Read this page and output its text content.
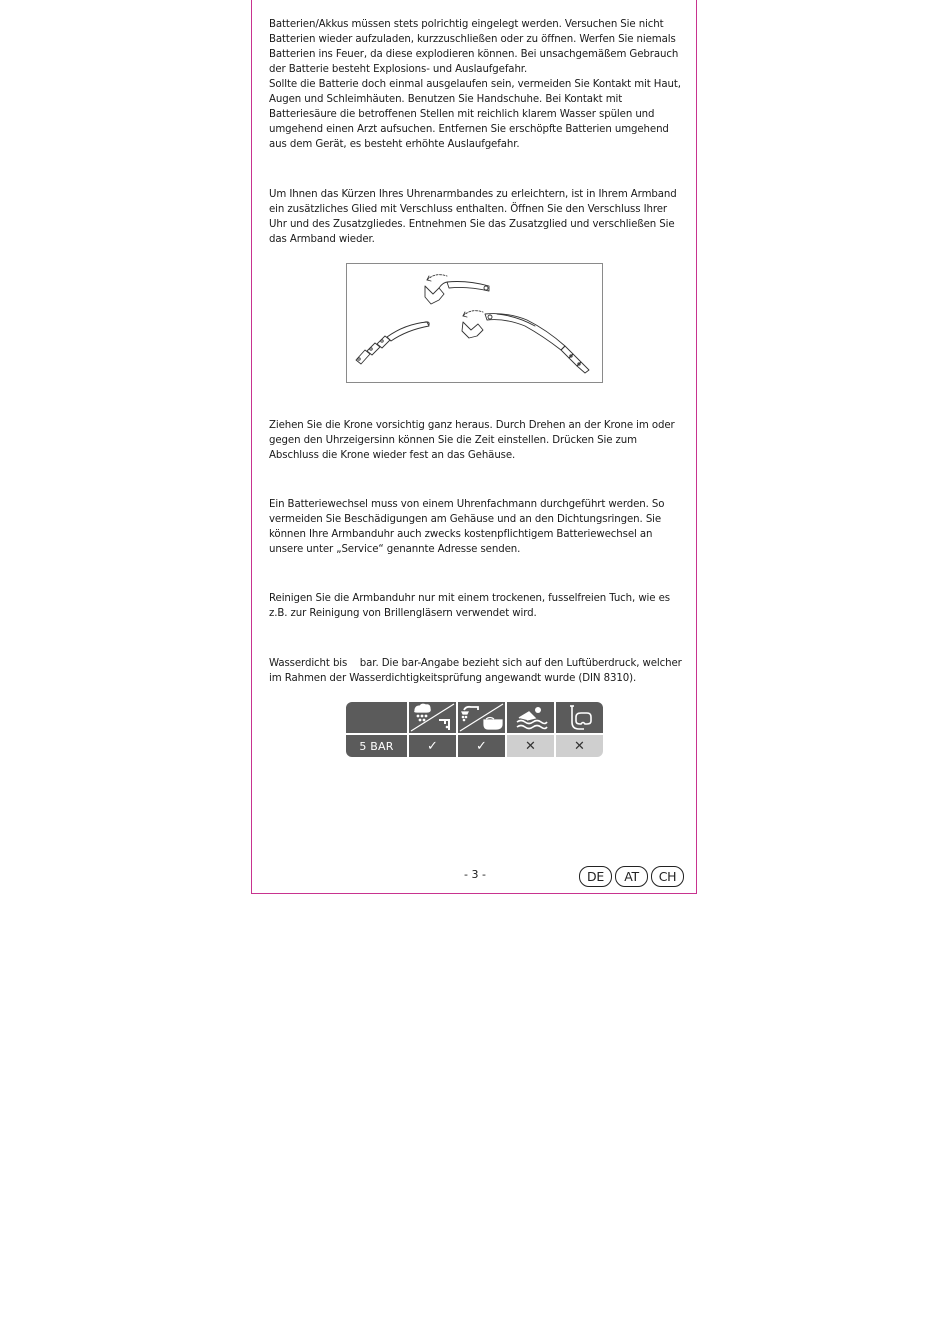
Batterien/Akkus müssen stets polrichtig eingelegt werden. Versuchen Sie nicht Batterien wieder aufzuladen, kurzzuschließen oder zu öffnen. Werfen Sie niemals Batterien ins Feuer, da diese explodieren können. Bei unsachgemäßem Gebrauch der Batterie besteht Explosions- und Auslaufgefahr.

Sollte die Batterie doch einmal ausgelaufen sein, vermeiden Sie Kontakt mit Haut, Augen und Schleimhäuten. Benutzen Sie Handschuhe. Bei Kontakt mit Batteriesäure die betroffenen Stellen mit reichlich klarem Wasser spülen und umgehend einen Arzt aufsuchen. Entfernen Sie erschöpfte Batterien umgehend aus dem Gerät, es besteht erhöhte Auslaufgefahr.

Um Ihnen das Kürzen Ihres Uhrenarmbandes zu erleichtern, ist in Ihrem Armband ein zusätzliches Glied mit Verschluss enthalten. Öffnen Sie den Verschluss Ihrer Uhr und des Zusatzgliedes. Entnehmen Sie das Zusatzglied und verschließen Sie das Armband wieder.

Ziehen Sie die Krone vorsichtig ganz heraus. Durch Drehen an der Krone im oder gegen den Uhrzeigersinn können Sie die Zeit einstellen. Drücken Sie zum Abschluss die Krone wieder fest an das Gehäuse.

Ein Batteriewechsel muss von einem Uhrenfachmann durchgeführt werden. So vermeiden Sie Beschädigungen am Gehäuse und an den Dichtungsringen. Sie können Ihre Armbanduhr auch zwecks kostenpflichtigem Batteriewechsel an unsere unter „Service“ genannte Adresse senden.

Reinigen Sie die Armbanduhr nur mit einem trockenen, fusselfreien Tuch, wie es z.B. zur Reinigung von Brillengläsern verwendet wird.

Wasserdicht bis    bar. Die bar-Angabe bezieht sich auf den Luftüberdruck, welcher im Rahmen der Wasserdichtigkeitsprüfung angewandt wurde (DIN 8310).

5 BAR	✓	✓	✕	✕
- 3 -	DE	AT	CH
